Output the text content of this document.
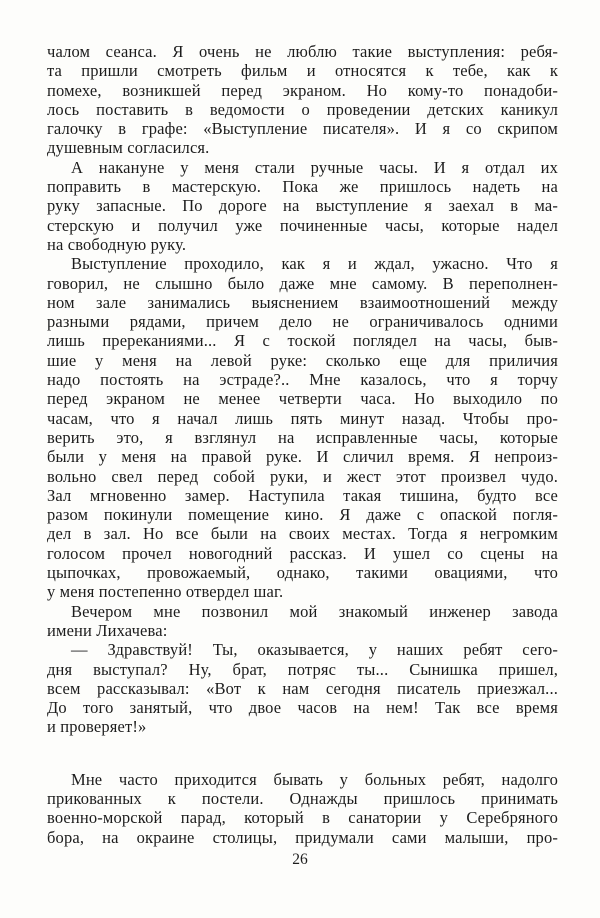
чалом сеанса. Я очень не люблю такие выступления: ребя-
та пришли смотреть фильм и относятся к тебе, как к
помехе, возникшей перед экраном. Но кому-то понадоби-
лось поставить в ведомости о проведении детских каникул
галочку в графе: «Выступление писателя». И я со скрипом
душевным согласился.
А накануне у меня стали ручные часы. И я отдал их
поправить в мастерскую. Пока же пришлось надеть на
руку запасные. По дороге на выступление я заехал в ма-
стерскую и получил уже починенные часы, которые надел
на свободную руку.
Выступление проходило, как я и ждал, ужасно. Что я
говорил, не слышно было даже мне самому. В переполнен-
ном зале занимались выяснением взаимоотношений между
разными рядами, причем дело не ограничивалось одними
лишь пререканиями... Я с тоской поглядел на часы, быв-
шие у меня на левой руке: сколько еще для приличия
надо постоять на эстраде?.. Мне казалось, что я торчу
перед экраном не менее четверти часа. Но выходило по
часам, что я начал лишь пять минут назад. Чтобы про-
верить это, я взглянул на исправленные часы, которые
были у меня на правой руке. И сличил время. Я непроиз-
вольно свел перед собой руки, и жест этот произвел чудо.
Зал мгновенно замер. Наступила такая тишина, будто все
разом покинули помещение кино. Я даже с опаской погля-
дел в зал. Но все были на своих местах. Тогда я негромким
голосом прочел новогодний рассказ. И ушел со сцены на
цыпочках, провожаемый, однако, такими овациями, что
у меня постепенно отвердел шаг.
Вечером мне позвонил мой знакомый инженер завода
имени Лихачева:
— Здравствуй! Ты, оказывается, у наших ребят сего-
дня выступал? Ну, брат, потряс ты... Сынишка пришел,
всем рассказывал: «Вот к нам сегодня писатель приезжал...
До того занятый, что двое часов на нем! Так все время
и проверяет!»
Мне часто приходится бывать у больных ребят, надолго
прикованных к постели. Однажды пришлось принимать
военно-морской парад, который в санатории у Серебряного
бора, на окраине столицы, придумали сами малыши, про-
26
